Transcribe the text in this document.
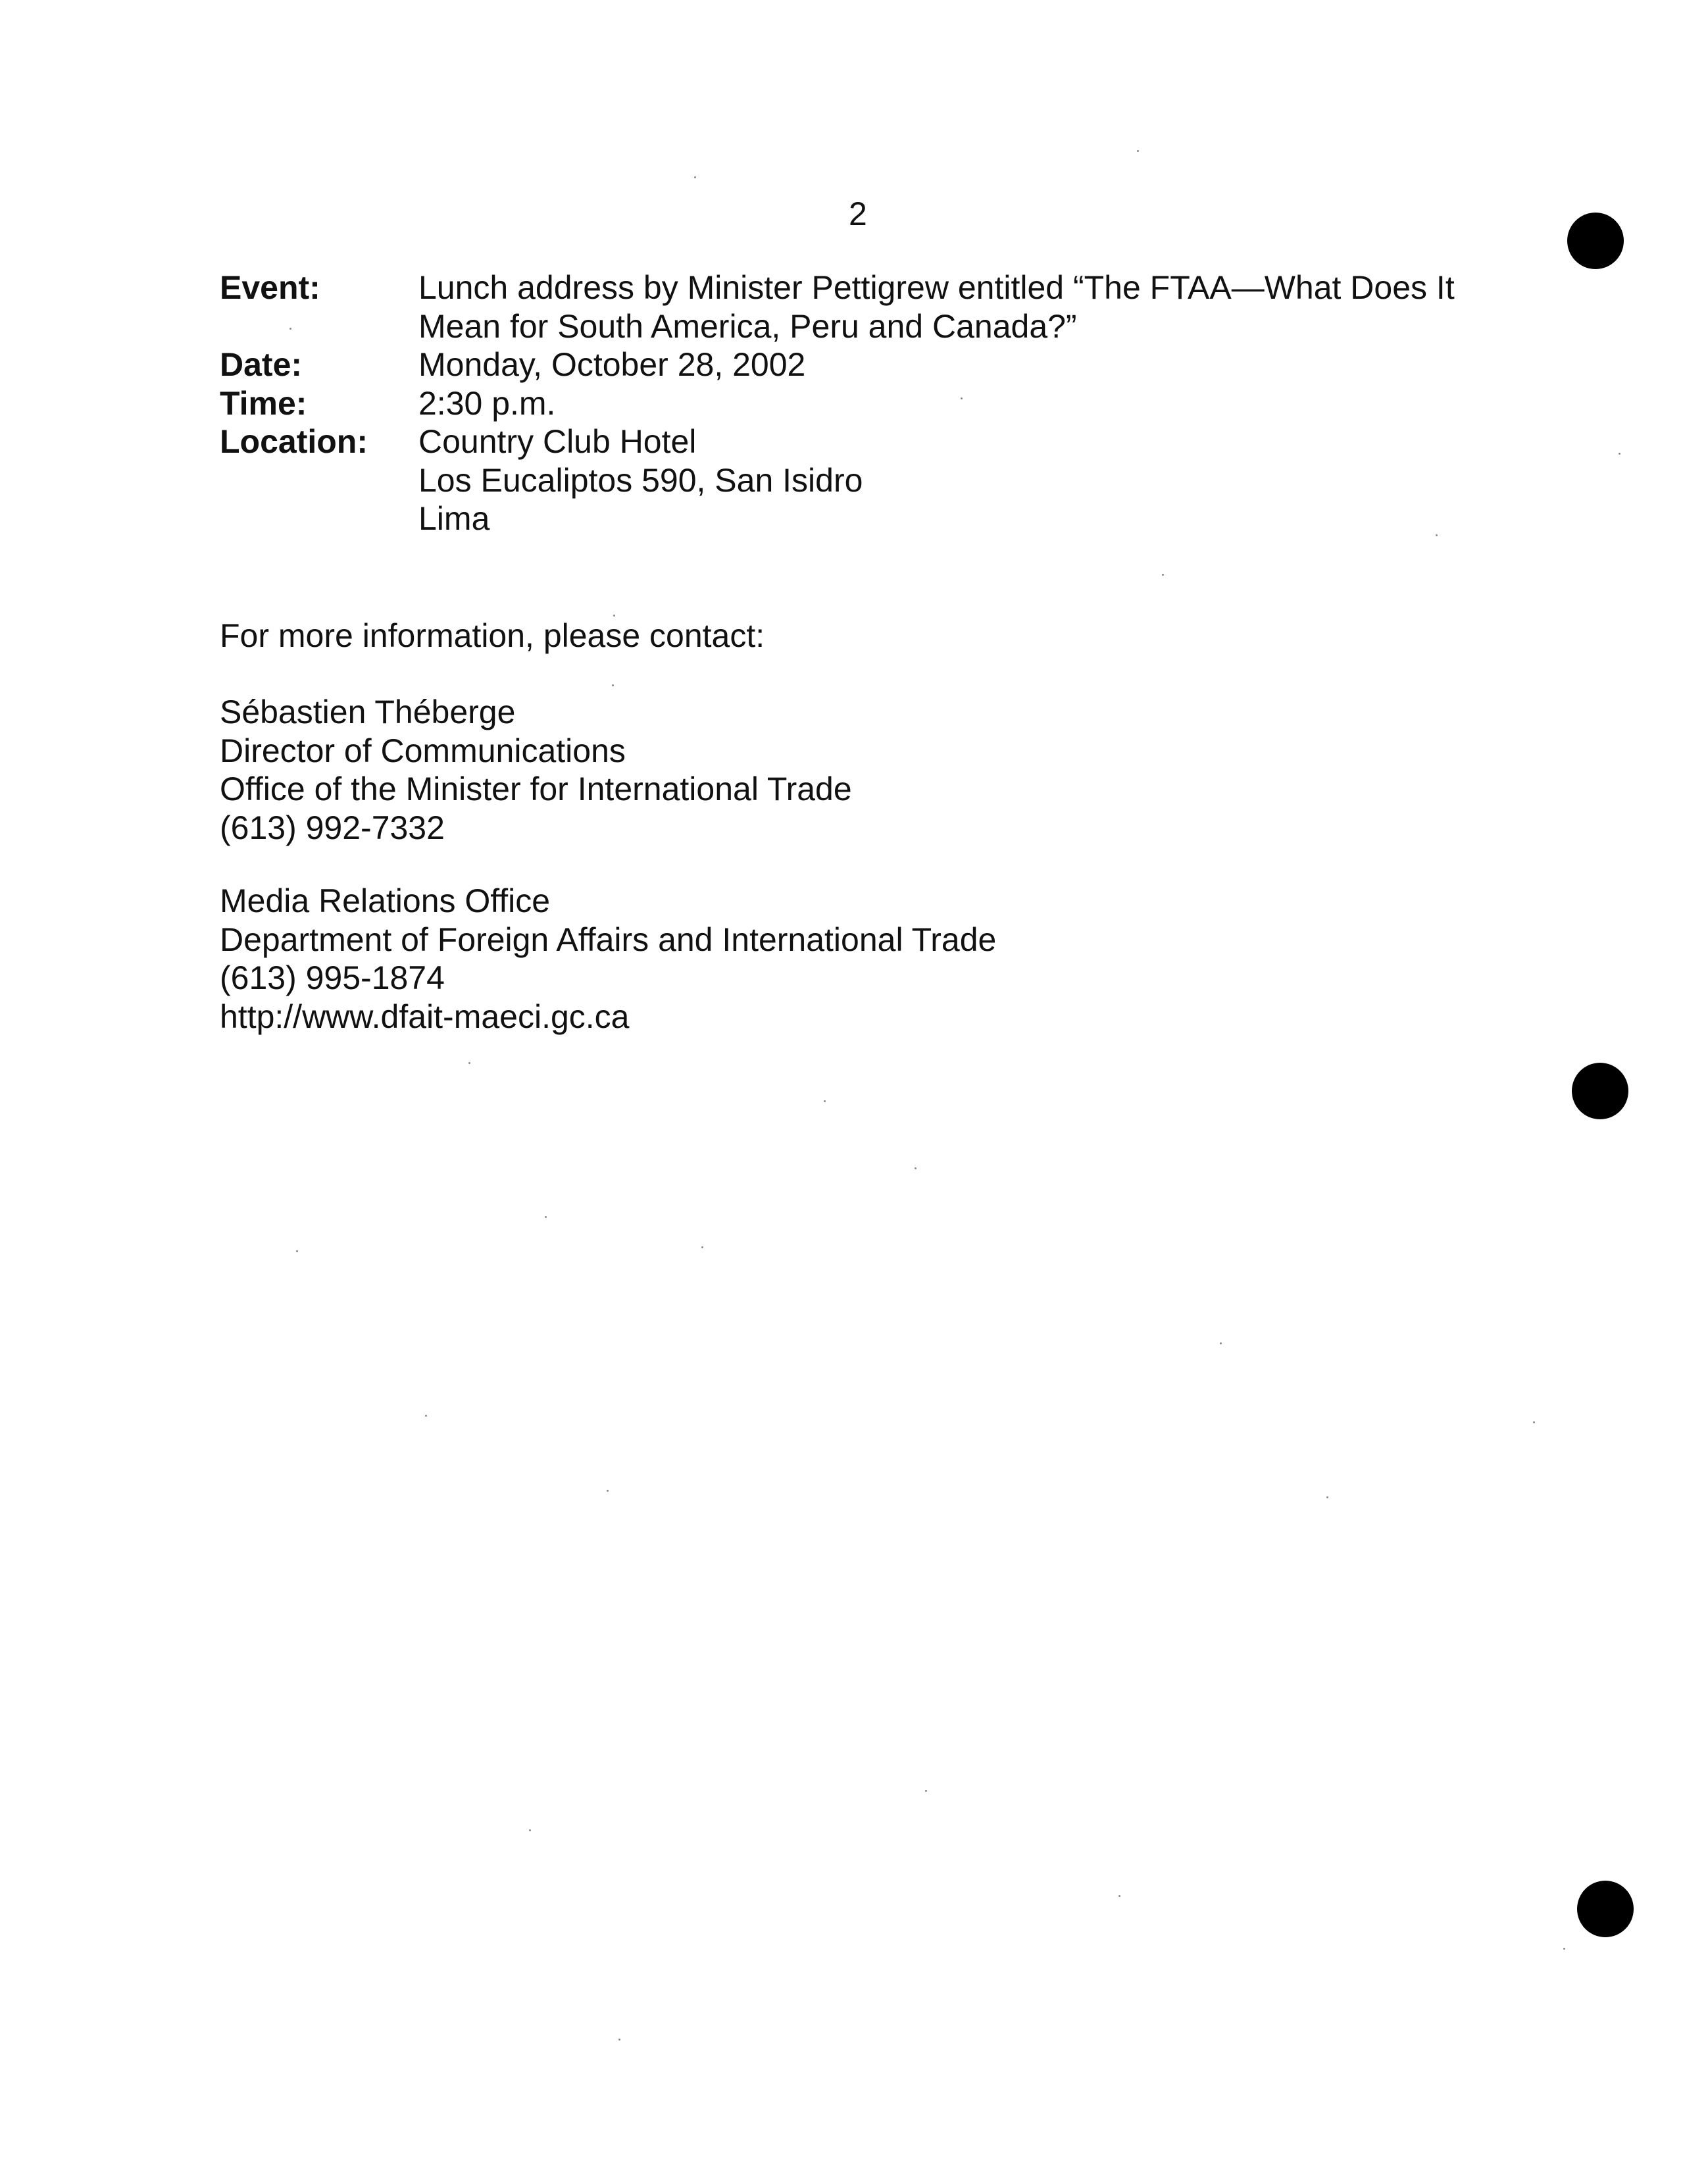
2
Event:	Lunch address by Minister Pettigrew entitled “The FTAA—What Does It
Mean for South America, Peru and Canada?”
Date:	Monday, October 28, 2002
Time:	2:30 p.m.
Location:	Country Club Hotel
Los Eucaliptos 590, San Isidro
Lima
For more information, please contact:
Sébastien Théberge
Director of Communications
Office of the Minister for International Trade
(613) 992-7332
Media Relations Office
Department of Foreign Affairs and International Trade
(613) 995-1874
http://www.dfait-maeci.gc.ca
